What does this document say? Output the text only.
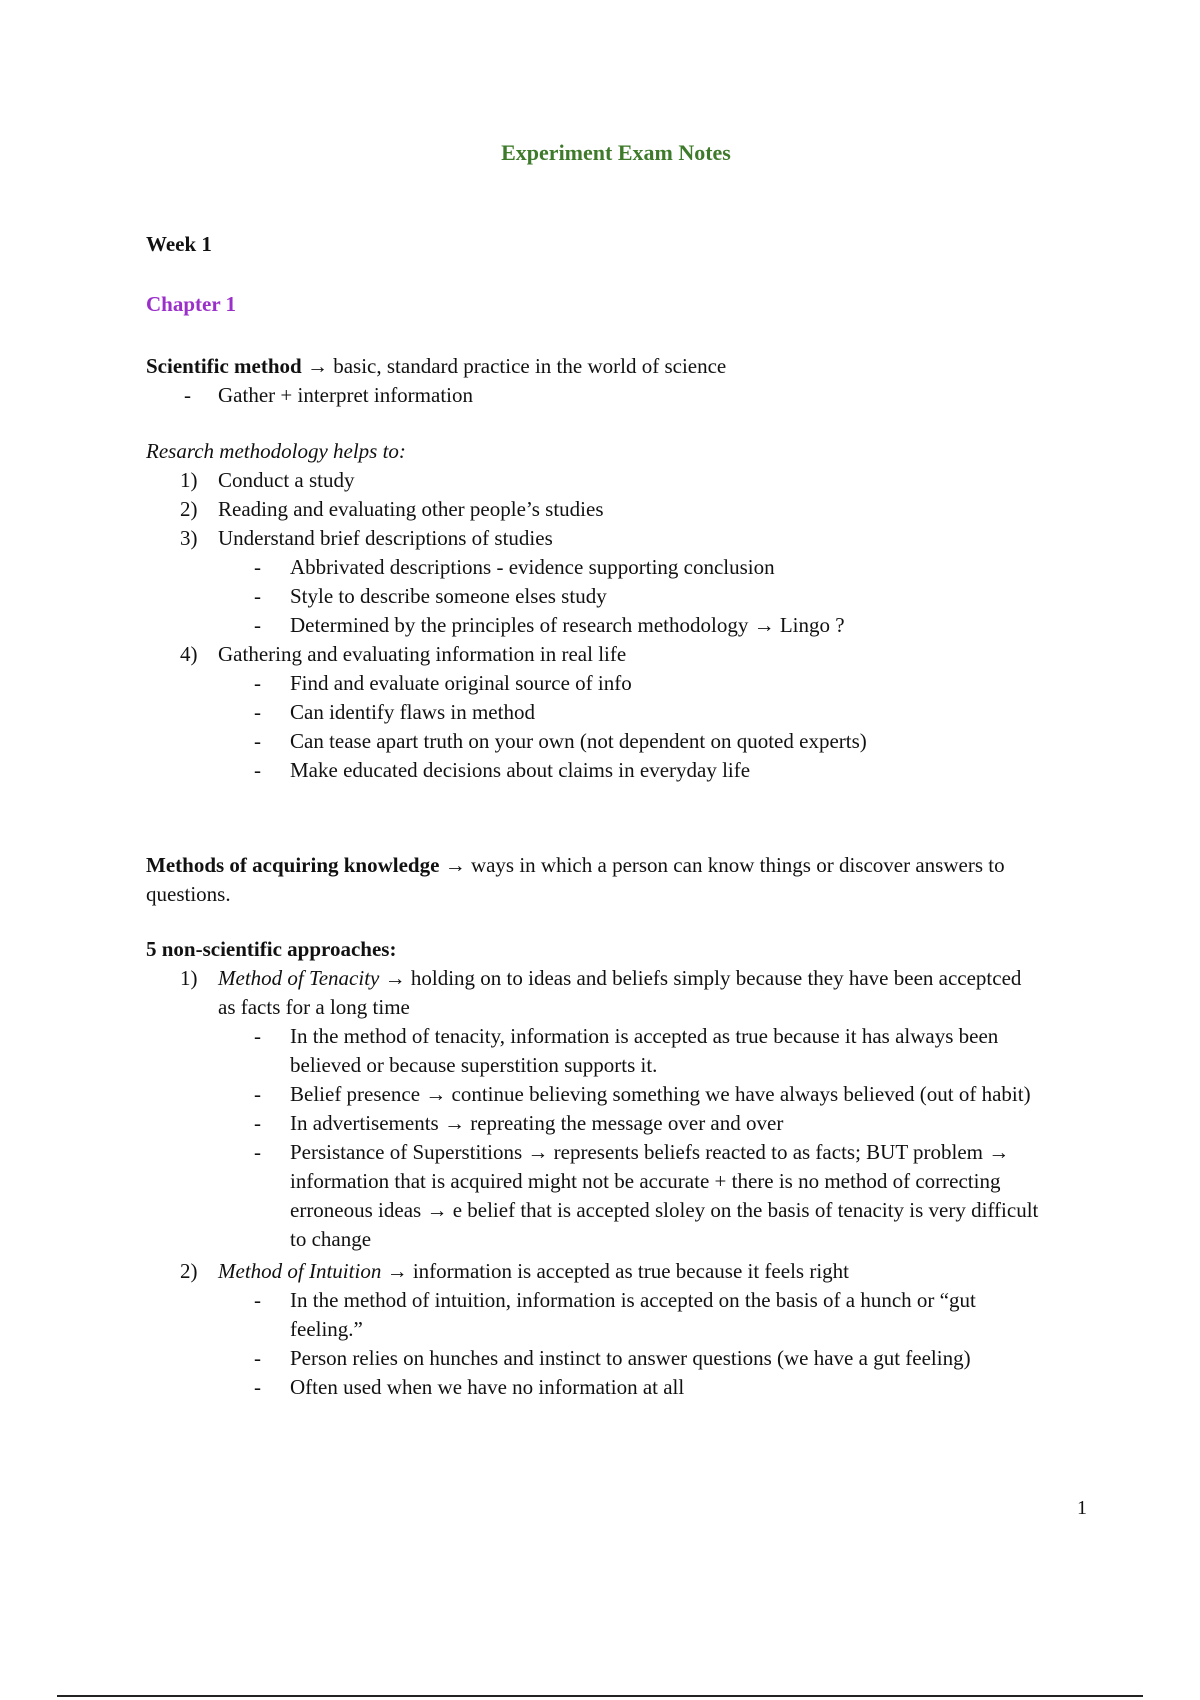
Experiment Exam Notes

Week 1

Chapter 1

Scientific method → basic, standard practice in the world of science
- Gather + interpret information
Resarch methodology helps to:
1) Conduct a study
2) Reading and evaluating other people’s studies
3) Understand brief descriptions of studies
- Abbrivated descriptions - evidence supporting conclusion
- Style to describe someone elses study
- Determined by the principles of research methodology → Lingo ?
4) Gathering and evaluating information in real life
- Find and evaluate original source of info
- Can identify flaws in method
- Can tease apart truth on your own (not dependent on quoted experts)
- Make educated decisions about claims in everyday life
Methods of acquiring knowledge → ways in which a person can know things or discover answers to
questions.
5 non-scientific approaches:
1) Method of Tenacity → holding on to ideas and beliefs simply because they have been acceptced
as facts for a long time
- In the method of tenacity, information is accepted as true because it has always been
believed or because superstition supports it.
- Belief presence → continue believing something we have always believed (out of habit)
- In advertisements → repreating the message over and over
- Persistance of Superstitions → represents beliefs reacted to as facts; BUT problem →
information that is acquired might not be accurate + there is no method of correcting
erroneous ideas → e belief that is accepted sloley on the basis of tenacity is very difficult
to change
2) Method of Intuition → information is accepted as true because it feels right
- In the method of intuition, information is accepted on the basis of a hunch or “gut
feeling.”
- Person relies on hunches and instinct to answer questions (we have a gut feeling)
- Often used when we have no information at all
1
